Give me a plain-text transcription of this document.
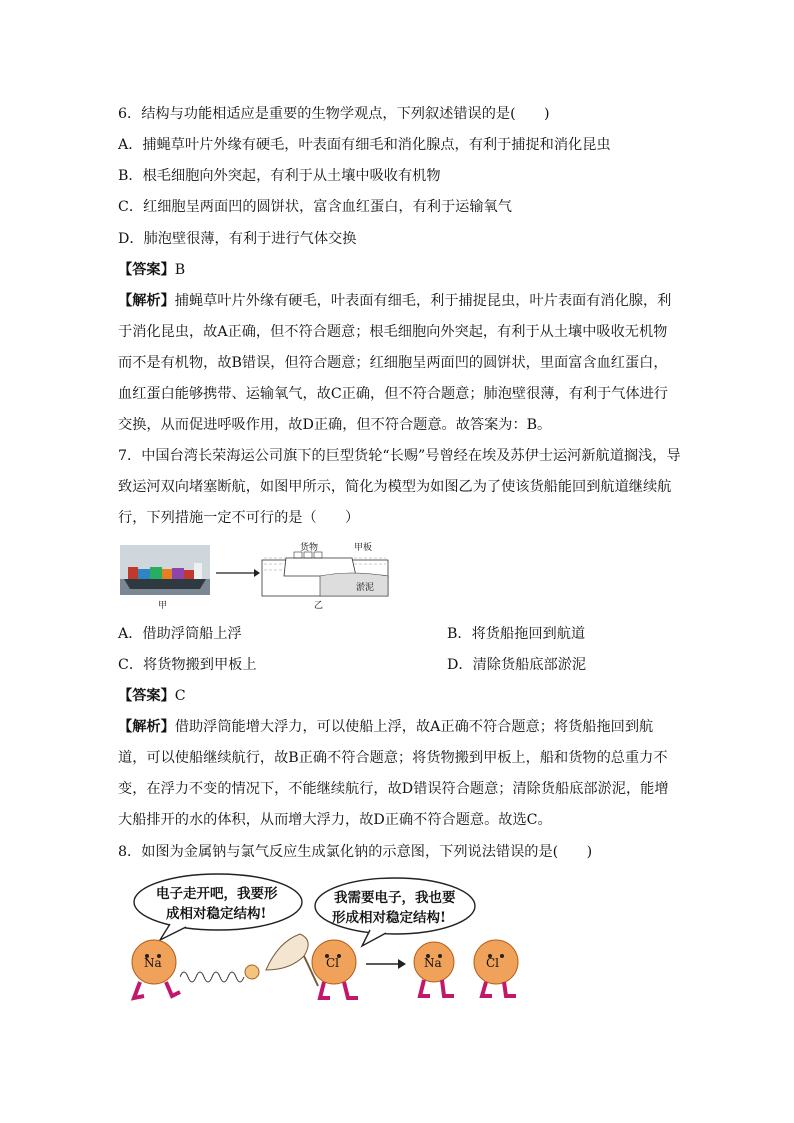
6．结构与功能相适应是重要的生物学观点，下列叙述错误的是(　　)
A．捕蝇草叶片外缘有硬毛，叶表面有细毛和消化腺点，有利于捕捉和消化昆虫
B．根毛细胞向外突起，有利于从土壤中吸收有机物
C．红细胞呈两面凹的圆饼状，富含血红蛋白，有利于运输氧气
D．肺泡壁很薄，有利于进行气体交换
【答案】B
【解析】捕蝇草叶片外缘有硬毛，叶表面有细毛，利于捕捉昆虫，叶片表面有消化腺，利
于消化昆虫，故A正确，但不符合题意；根毛细胞向外突起，有利于从土壤中吸收无机物
而不是有机物，故B错误，但符合题意；红细胞呈两面凹的圆饼状，里面富含血红蛋白，
血红蛋白能够携带、运输氧气，故C正确，但不符合题意；肺泡壁很薄，有利于气体进行
交换，从而促进呼吸作用，故D正确，但不符合题意。故答案为：B。
7．中国台湾长荣海运公司旗下的巨型货轮“长赐”号曾经在埃及苏伊士运河新航道搁浅，导
致运河双向堵塞断航，如图甲所示，简化为模型为如图乙为了使该货船能回到航道继续航
行，下列措施一定不可行的是（　　）
甲
货物	甲板
淤泥
乙
A．借助浮筒船上浮	B．将货船拖回到航道
C．将货物搬到甲板上	D．清除货船底部淤泥
【答案】C
【解析】借助浮筒能增大浮力，可以使船上浮，故A正确不符合题意；将货船拖回到航
道，可以使船继续航行，故B正确不符合题意；将货物搬到甲板上，船和货物的总重力不
变，在浮力不变的情况下，不能继续航行，故D错误符合题意；清除货船底部淤泥，能增
大船排开的水的体积，从而增大浮力，故D正确不符合题意。故选C。
8．如图为金属钠与氯气反应生成氯化钠的示意图，下列说法错误的是(　　)
电子走开吧，我要形
成相对稳定结构!
我需要电子，我也要
形成相对稳定结构!
Na	Cl	Na	Cl
